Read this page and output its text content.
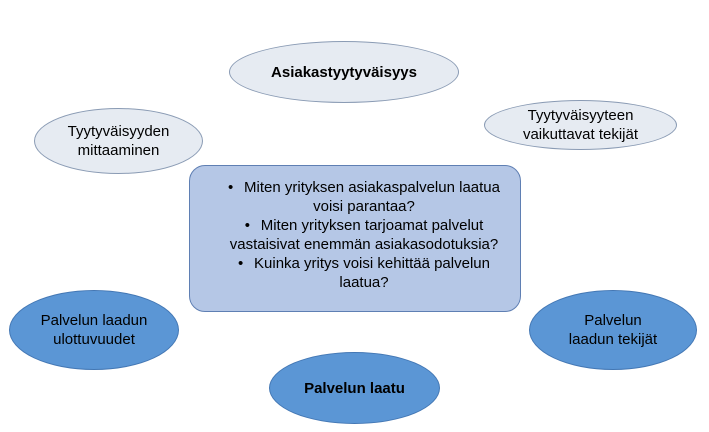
Asiakastyytyväisyys
Tyytyväisyyden
mittaaminen
Tyytyväisyyteen
vaikuttavat tekijät
• Miten yrityksen asiakaspalvelun laatua
voisi parantaa?
• Miten yrityksen tarjoamat palvelut
vastaisivat enemmän asiakasodotuksia?
• Kuinka yritys voisi kehittää palvelun
laatua?
Palvelun laadun
ulottuvuudet
Palvelun
laadun tekijät
Palvelun laatu
